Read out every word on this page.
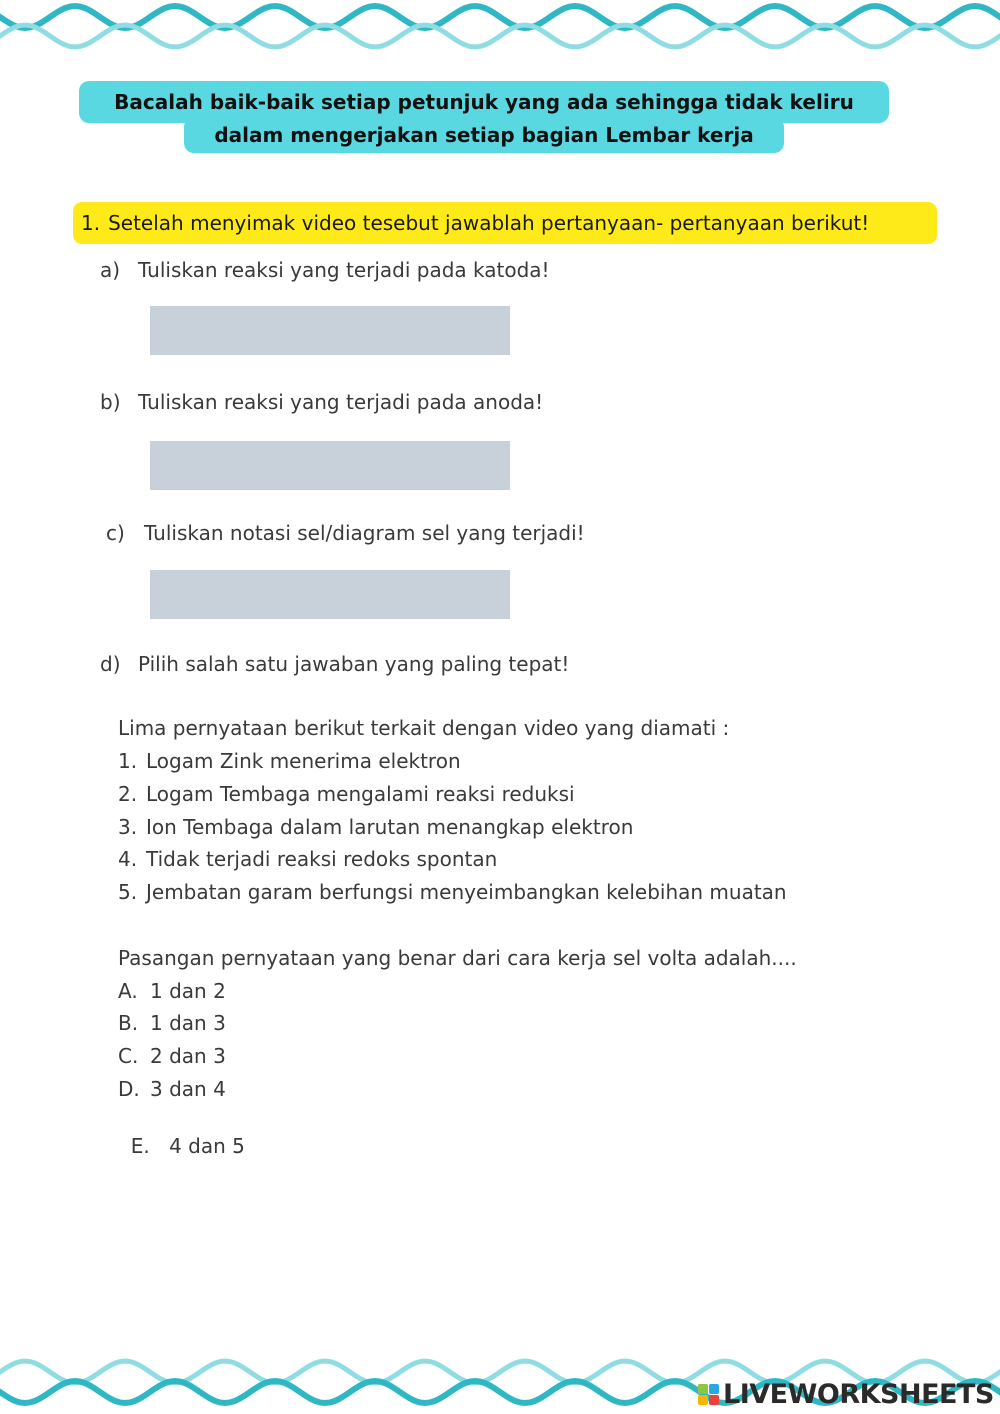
Bacalah baik-baik setiap petunjuk yang ada sehingga tidak keliru
dalam mengerjakan setiap bagian Lembar kerja
1. Setelah menyimak video tesebut jawablah pertanyaan- pertanyaan berikut!
a) Tuliskan reaksi yang terjadi pada katoda!
b) Tuliskan reaksi yang terjadi pada anoda!
c) Tuliskan notasi sel/diagram sel yang terjadi!
d) Pilih salah satu jawaban yang paling tepat!
Lima pernyataan berikut terkait dengan video yang diamati :
1. Logam Zink menerima elektron
2. Logam Tembaga mengalami reaksi reduksi
3. Ion Tembaga dalam larutan menangkap elektron
4. Tidak terjadi reaksi redoks spontan
5. Jembatan garam berfungsi menyeimbangkan kelebihan muatan
Pasangan pernyataan yang benar dari cara kerja sel volta adalah....
A. 1 dan 2
B. 1 dan 3
C. 2 dan 3
D. 3 dan 4

E. 4 dan 5

LIVEWORKSHEETS
